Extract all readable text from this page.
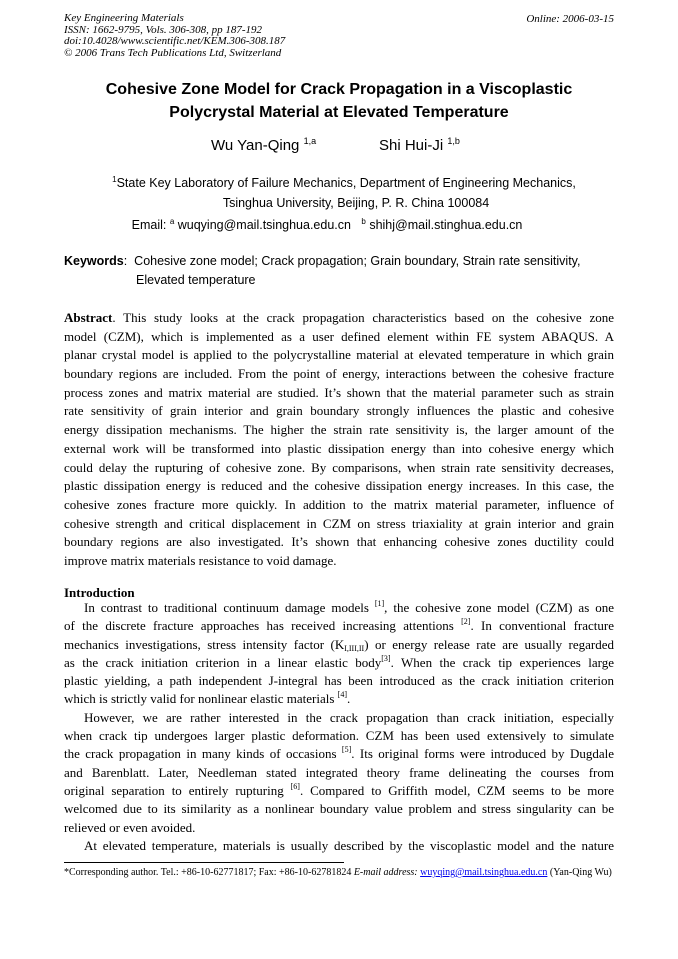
Key Engineering Materials
ISSN: 1662-9795, Vols. 306-308, pp 187-192
doi:10.4028/www.scientific.net/KEM.306-308.187
© 2006 Trans Tech Publications Ltd, Switzerland
Online: 2006-03-15
Cohesive Zone Model for Crack Propagation in a Viscoplastic
Polycrystal Material at Elevated Temperature
Wu Yan-Qing $^{1,a}$	Shi Hui-Ji $^{1,b}$
$^1$State Key Laboratory of Failure Mechanics, Department of Engineering Mechanics,
Tsinghua University, Beijing, P. R. China 100084
Email: $^a$ wuqying@mail.tsinghua.edu.cn $^b$ shihj@mail.stinghua.edu.cn
Keywords:  Cohesive zone model; Crack propagation; Grain boundary, Strain rate sensitivity,
Elevated temperature
Abstract. This study looks at the crack propagation characteristics based on the cohesive zone
model (CZM), which is implemented as a user defined element within FE system ABAQUS. A
planar crystal model is applied to the polycrystalline material at elevated temperature in which grain
boundary regions are included. From the point of energy, interactions between the cohesive fracture
process zones and matrix material are studied. It’s shown that the material parameter such as strain
rate sensitivity of grain interior and grain boundary strongly influences the plastic and cohesive
energy dissipation mechanisms. The higher the strain rate sensitivity is, the larger amount of the
external work will be transformed into plastic dissipation energy than into cohesive energy which
could delay the rupturing of cohesive zone. By comparisons, when strain rate sensitivity decreases,
plastic dissipation energy is reduced and the cohesive dissipation energy increases. In this case, the
cohesive zones fracture more quickly. In addition to the matrix material parameter, influence of
cohesive strength and critical displacement in CZM on stress triaxiality at grain interior and grain
boundary regions are also investigated. It’s shown that enhancing cohesive zones ductility could
improve matrix materials resistance to void damage.
Introduction
In contrast to traditional continuum damage models [1], the cohesive zone model (CZM) as one
of the discrete fracture approaches has received increasing attentions [2]. In conventional fracture
mechanics investigations, stress intensity factor $(K_{I,III,II})$ or energy release rate are usually regarded
as the crack initiation criterion in a linear elastic body[3]. When the crack tip experiences large
plastic yielding, a path independent J-integral has been introduced as the crack initiation criterion
which is strictly valid for nonlinear elastic materials [4].
However, we are rather interested in the crack propagation than crack initiation, especially
when crack tip undergoes larger plastic deformation. CZM has been used extensively to simulate
the crack propagation in many kinds of occasions [5]. Its original forms were introduced by Dugdale
and Barenblatt. Later, Needleman stated integrated theory frame delineating the courses from
original separation to entirely rupturing [6]. Compared to Griffith model, CZM seems to be more
welcomed due to its similarity as a nonlinear boundary value problem and stress singularity can be
relieved or even avoided.
At elevated temperature, materials is usually described by the viscoplastic model and the nature
*Corresponding author. Tel.: +86-10-62771817; Fax: +86-10-62781824 E-mail address: wuyqing@mail.tsinghua.edu.cn (Yan-Qing Wu)
